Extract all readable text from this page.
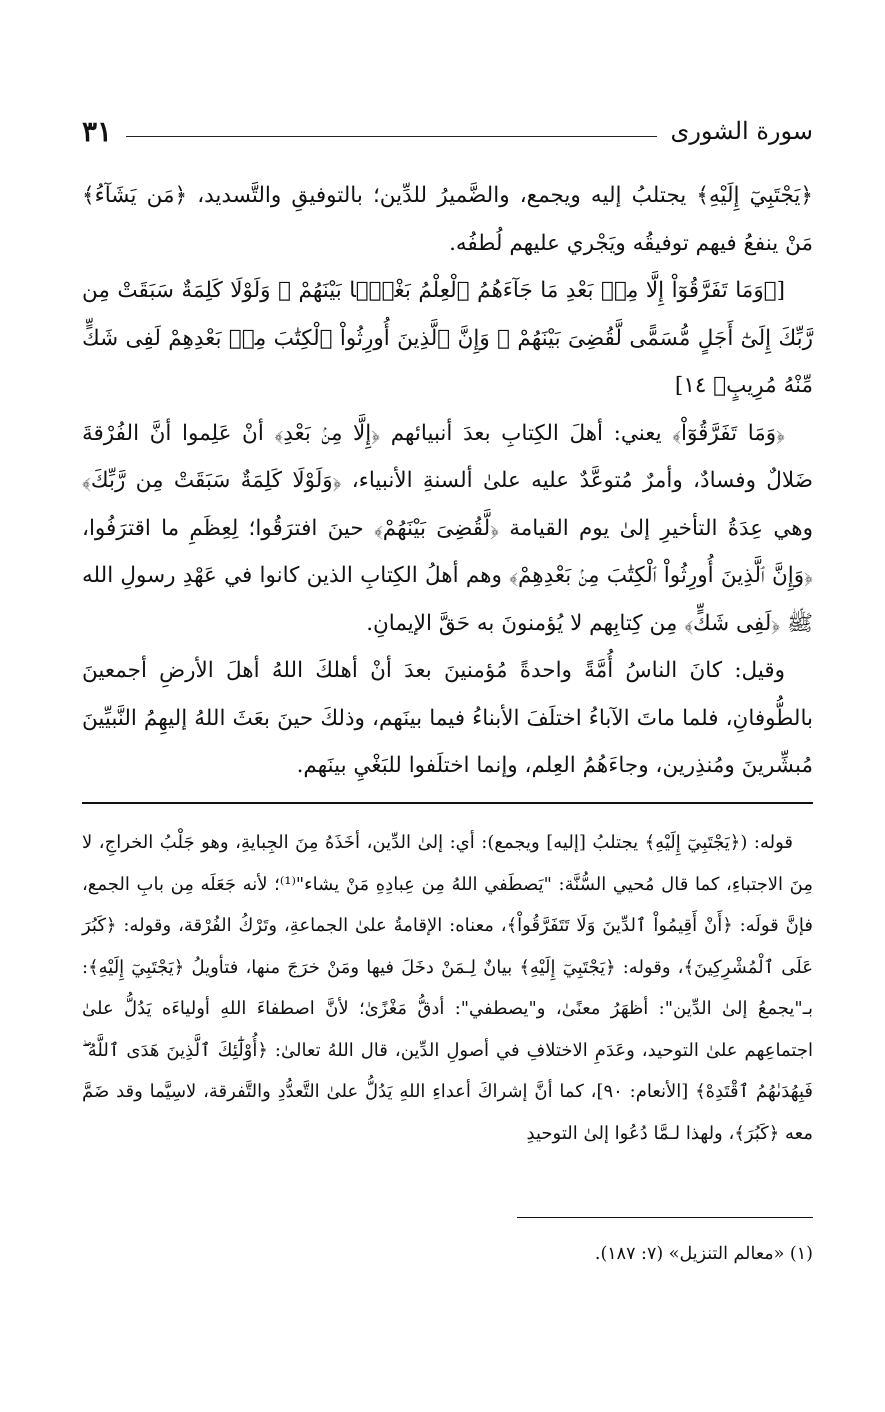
سورة الشورى
٣١

﴿يَجْتَبِيٓ إِلَيْهِ﴾ يجتلبُ إليه ويجمع، والضَّميرُ للدِّين؛ بالتوفيقِ والتَّسديد، ﴿مَن يَشَآءُ﴾ مَنْ ينفعُ فيهم توفيقُه ويَجْري عليهم لُطفُه.

[﴿وَمَا تَفَرَّقُوٓاْ إِلَّا مِنۢ بَعْدِ مَا جَآءَهُمُ ٱلْعِلْمُ بَغْيًۢا بَيْنَهُمْ ۚ وَلَوْلَا كَلِمَةٌ سَبَقَتْ مِن رَّبِّكَ إِلَىٰٓ أَجَلٍ مُّسَمًّى لَّقُضِىَ بَيْنَهُمْ ۚ وَإِنَّ ٱلَّذِينَ أُورِثُواْ ٱلْكِتَٰبَ مِنۢ بَعْدِهِمْ لَفِى شَكٍّ مِّنْهُ مُرِيبٍ﴾ ١٤]

﴿وَمَا تَفَرَّقُوٓاْ﴾ يعني: أهلَ الكِتابِ بعدَ أنبيائهم ﴿إِلَّا مِنۢ بَعْدِ﴾ أنْ عَلِموا أنَّ الفُرْقةَ ضَلالٌ وفسادٌ، وأمرٌ مُتوعَّدٌ عليه علىٰ ألسنةِ الأنبياء، ﴿وَلَوْلَا كَلِمَةٌ سَبَقَتْ مِن رَّبِّكَ﴾ وهي عِدَةُ التأخيرِ إلىٰ يوم القيامة ﴿لَّقُضِىَ بَيْنَهُمْ﴾ حينَ افترَقُوا؛ لِعِظَمِ ما اقترَفُوا، ﴿وَإِنَّ ٱلَّذِينَ أُورِثُواْ ٱلْكِتَٰبَ مِنۢ بَعْدِهِمْ﴾ وهم أهلُ الكِتابِ الذين كانوا في عَهْدِ رسولِ الله ﷺ ﴿لَفِى شَكٍّ﴾ مِن كِتابِهم لا يُؤمنونَ به حَقَّ الإيمانِ.

وقيل: كانَ الناسُ أُمَّةً واحدةً مُؤمنينَ بعدَ أنْ أهلكَ اللهُ أهلَ الأرضِ أجمعينَ بالطُّوفانِ، فلما ماتَ الآباءُ اختلَفَ الأبناءُ فيما بينَهم، وذلكَ حينَ بعَثَ اللهُ إليهِمُ النَّبيِّينَ مُبشِّرينَ ومُنذِرين، وجاءَهُمُ العِلم، وإنما اختلَفوا للبَغْيِ بينَهم.

قوله: (﴿يَجْتَبِيٓ إِلَيْهِ﴾ يجتلبُ [إليه] ويجمع): أي: إلىٰ الدِّين، أخَذَهُ مِنَ الجِبايةِ، وهو جَلْبُ الخراجِ، لا مِنَ الاجتباءِ، كما قال مُحيي السُّنَّة: "يَصطَفي اللهُ مِن عِبادِهِ مَنْ يشاء"⁽¹⁾؛ لأنه جَعَلَه مِن بابِ الجمع، فإنَّ قولَه: ﴿أَنْ أَقِيمُواْ ٱلدِّينَ وَلَا تَتَفَرَّقُواْ﴾، معناه: الإقامةُ علىٰ الجماعةِ، وتَرْكُ الفُرْقة، وقوله: ﴿كَبُرَ عَلَى ٱلْمُشْرِكِينَ﴾، وقوله: ﴿يَجْتَبِيٓ إِلَيْهِ﴾ بيانٌ لِـمَنْ دخَلَ فيها ومَنْ خرَجَ منها، فتأويلُ ﴿يَجْتَبِيٓ إِلَيْهِ﴾: بـ"يجمعُ إلىٰ الدِّين": أظهَرُ معنًىٰ، و"يصطفي": أدقُّ مَغْزًىٰ؛ لأنَّ اصطفاءَ اللهِ أولياءَه يَدُلُّ علىٰ اجتماعِهم علىٰ التوحيد، وعَدَمِ الاختلافِ في أصولِ الدِّين، قال اللهُ تعالىٰ: ﴿أُوْلَٰٓئِكَ ٱلَّذِينَ هَدَى ٱللَّهُ ۖ فَبِهُدَىٰهُمُ ٱقْتَدِهْ﴾ [الأنعام: ٩٠]، كما أنَّ إشراكَ أعداءِ اللهِ يَدُلُّ علىٰ التَّعدُّدِ والتَّفرقة، لاسِيَّما وقد ضَمَّ معه ﴿كَبُرَ﴾، ولهذا لـمَّا دُعُوا إلىٰ التوحيدِ

(١) «معالم التنزيل» (٧: ١٨٧).
